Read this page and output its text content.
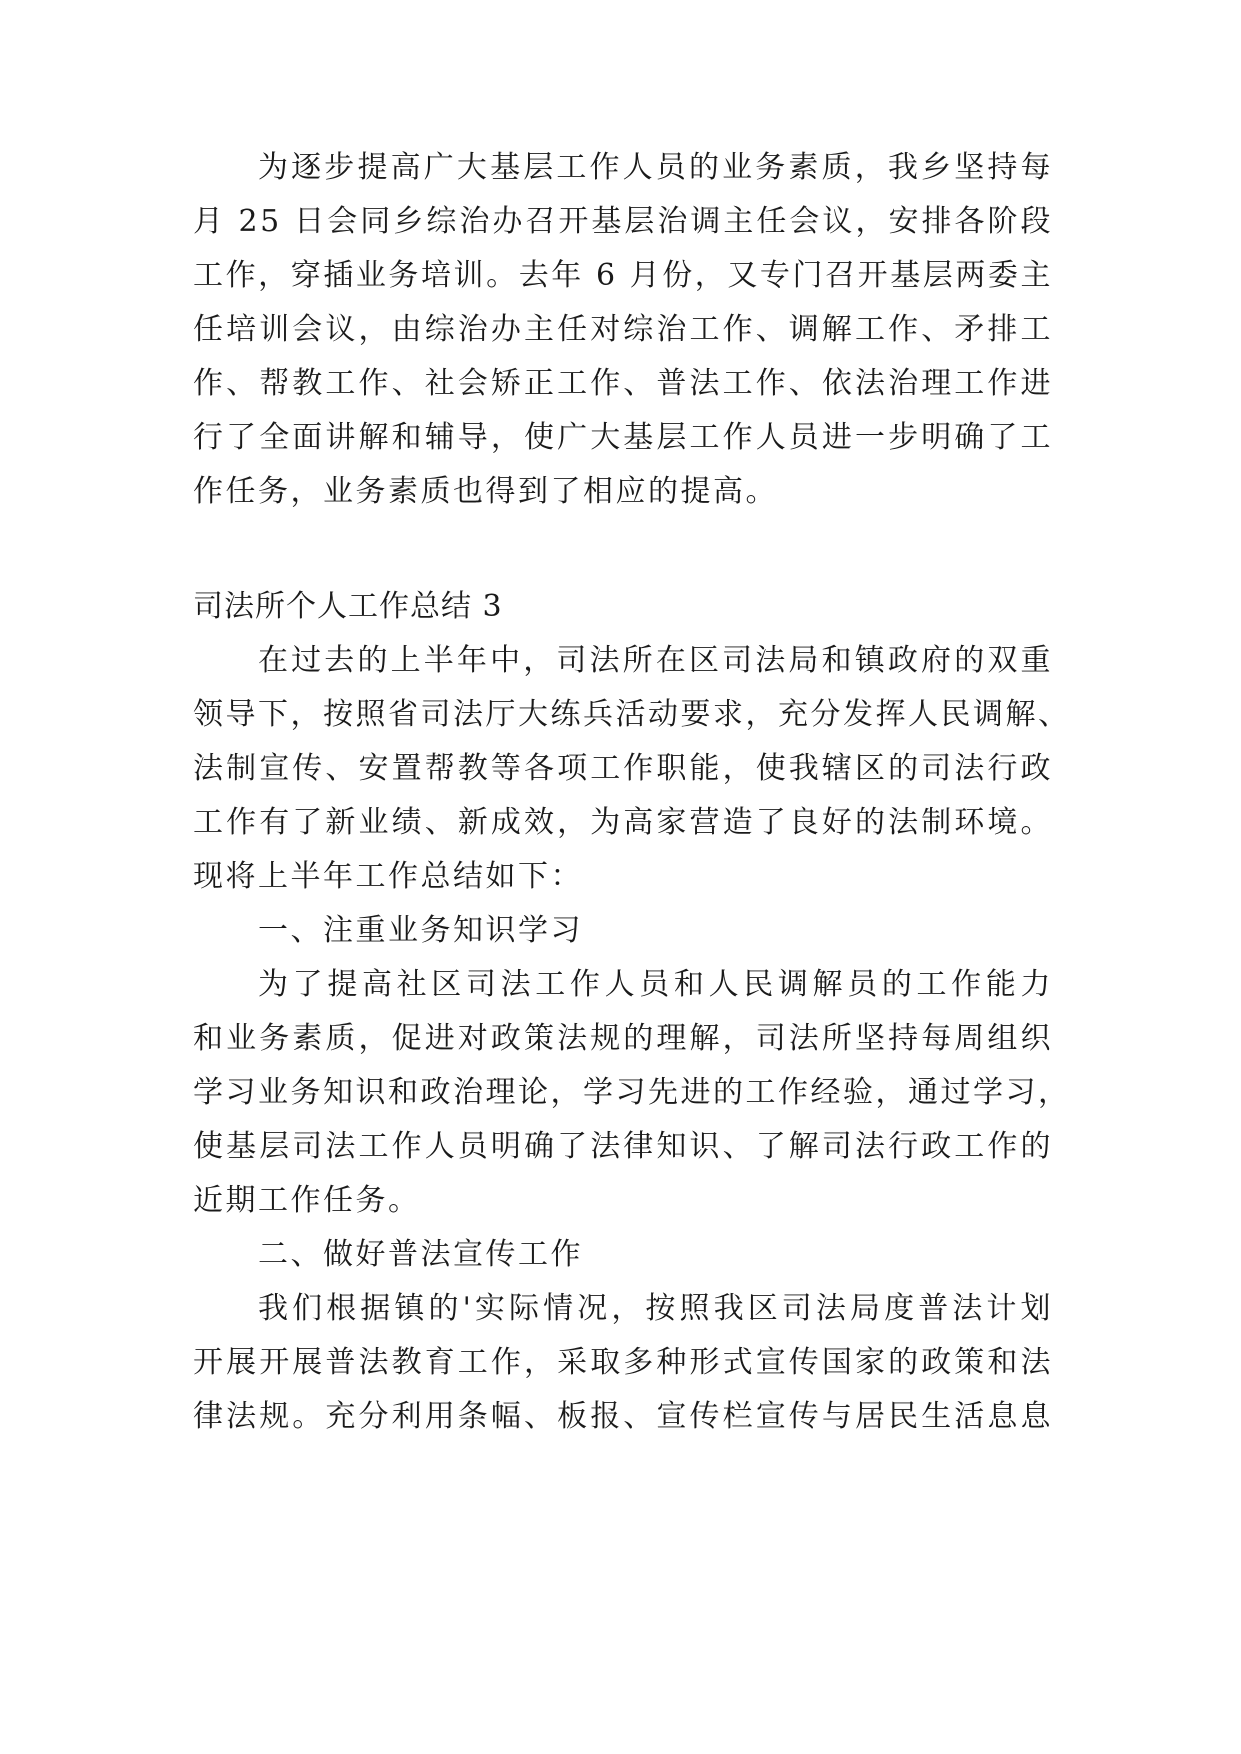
为逐步提高广大基层工作人员的业务素质，我乡坚持每
月 25 日会同乡综治办召开基层治调主任会议，安排各阶段
工作，穿插业务培训。去年 6 月份，又专门召开基层两委主
任培训会议，由综治办主任对综治工作、调解工作、矛排工
作、帮教工作、社会矫正工作、普法工作、依法治理工作进
行了全面讲解和辅导，使广大基层工作人员进一步明确了工
作任务，业务素质也得到了相应的提高。
司法所个人工作总结 3
在过去的上半年中，司法所在区司法局和镇政府的双重
领导下，按照省司法厅大练兵活动要求，充分发挥人民调解、
法制宣传、安置帮教等各项工作职能，使我辖区的司法行政
工作有了新业绩、新成效，为高家营造了良好的法制环境。
现将上半年工作总结如下：
一、注重业务知识学习
为了提高社区司法工作人员和人民调解员的工作能力
和业务素质，促进对政策法规的理解，司法所坚持每周组织
学习业务知识和政治理论，学习先进的工作经验，通过学习，
使基层司法工作人员明确了法律知识、了解司法行政工作的
近期工作任务。
二、做好普法宣传工作
我们根据镇的'实际情况，按照我区司法局度普法计划
开展开展普法教育工作，采取多种形式宣传国家的政策和法
律法规。充分利用条幅、板报、宣传栏宣传与居民生活息息
